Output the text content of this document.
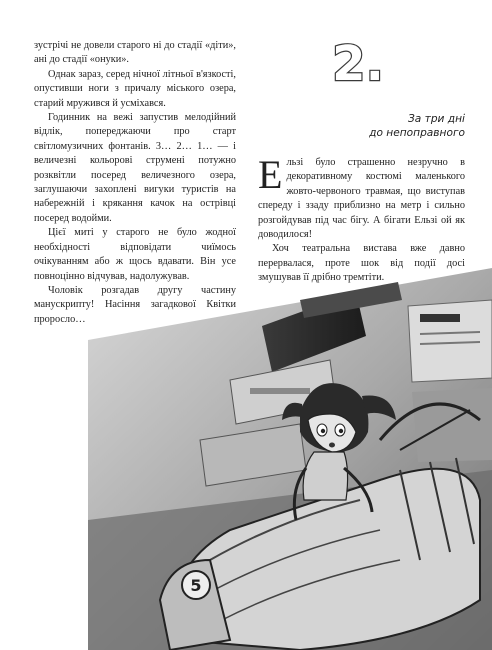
5

зустрічі не довели старого ні до стадії «діти», ані до стадії «онуки».

Однак зараз, серед нічної літньої в'язкості, опустивши ноги з причалу міського озера, старий мружився й усміхався.

Годинник на вежі запустив мелодійний відлік, попереджаючи про старт світломузичних фонтанів. 3… 2… 1… — і величезні кольорові струмені потужно розквітли посеред величезного озера, заглушаючи захоплені вигуки туристів на набережній і крякання качок на острівці посеред водойми.

Цієї миті у старого не було жодної необхідності відповідати чиїмось очікуванням або ж щось вдавати. Він усе повноцінно відчував, надолужував.

Чоловік розгадав другу частину манускрипту! Насіння загадкової Квітки проросло…

2.
За три дні
до непоправного

Ельзі було страшенно незручно в декоративному костюмі маленького жовто-червоного травмая, що виступав спереду і ззаду приблизно на метр і сильно розгойдував під час бігу. А бігати Ельзі ой як доводилося!

Хоч театральна вистава вже давно перервалася, проте шок від події досі змушував її дрібно тремтіти.
